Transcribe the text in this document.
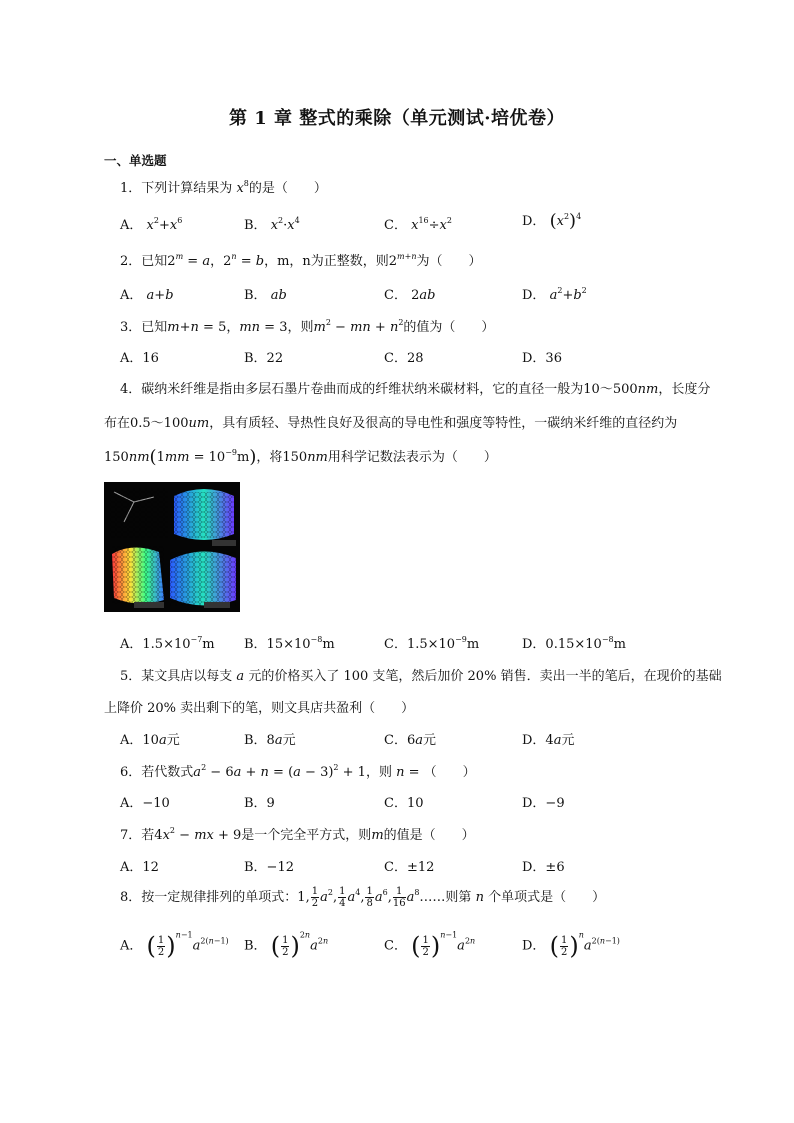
第 1 章 整式的乘除（单元测试·培优卷）
一、单选题
1．下列计算结果为 $x^8$的是（　　）
A． $x^2+x^6$	B． $x^2\cdot x^4$	C． $x^{16}\div x^2$	D． $(x^2)^4$
2．已知$2^m = a$，$2^n = b$，m，n为正整数，则$2^{m+n}$为（　　）
A． a+b	B． ab	C． 2ab	D． $a^2+b^2$
3．已知m+n = 5，mn = 3，则$m^2$ − mn + $n^2$的值为（　　）
A．16	B．22	C．28	D．36
4．碳纳米纤维是指由多层石墨片卷曲而成的纤维状纳米碳材料，它的直径一般为10～500nm，长度分
布在0.5～100um，具有质轻、导热性良好及很高的导电性和强度等特性，一碳纳米纤维的直径约为
$150nm(1mm = 10^{-9}m)$，将150nm用科学记数法表示为（　　）
A．$1.5\times 10^{-7}m$ B．$15\times 10^{-8}m$	C．$1.5\times 10^{-9}m$	D．$0.15\times 10^{-8}m$
5．某文具店以每支 a 元的价格买入了 100 支笔，然后加价 20% 销售．卖出一半的笔后，在现价的基础
上降价 20% 卖出剩下的笔，则文具店共盈利（　　）
A．10a元	B．8a元	C．6a元	D．4a元
6．若代数式$a^2 - 6a + n = (a - 3)^2 + 1$，则 n = （　　）
A．−10	B．9	C．10	D．−9
7．若$4x^2$ − mx + 9是一个完全平方式，则m的值是（　　）
A．12	B．−12	C．±12	D．±6
8．按一定规律排列的单项式：1, $\frac{1}{2} a^2$, $\frac{1}{4} a^4$, $\frac{1}{8} a^6$, $\frac{1}{16}$ $a^8\dots\dots$则第 n 个单项式是（　　）
A． ( $\frac{1}{2} )^{n-1}a^{2(n-1)}$ B． ( $\frac{1}{2} )^{2n}a^{2n}$	C． ( $\frac{1}{2} )^{n-1}a^{2n}$	D． ( $\frac{1}{2} )^na^{2(n-1)}$
